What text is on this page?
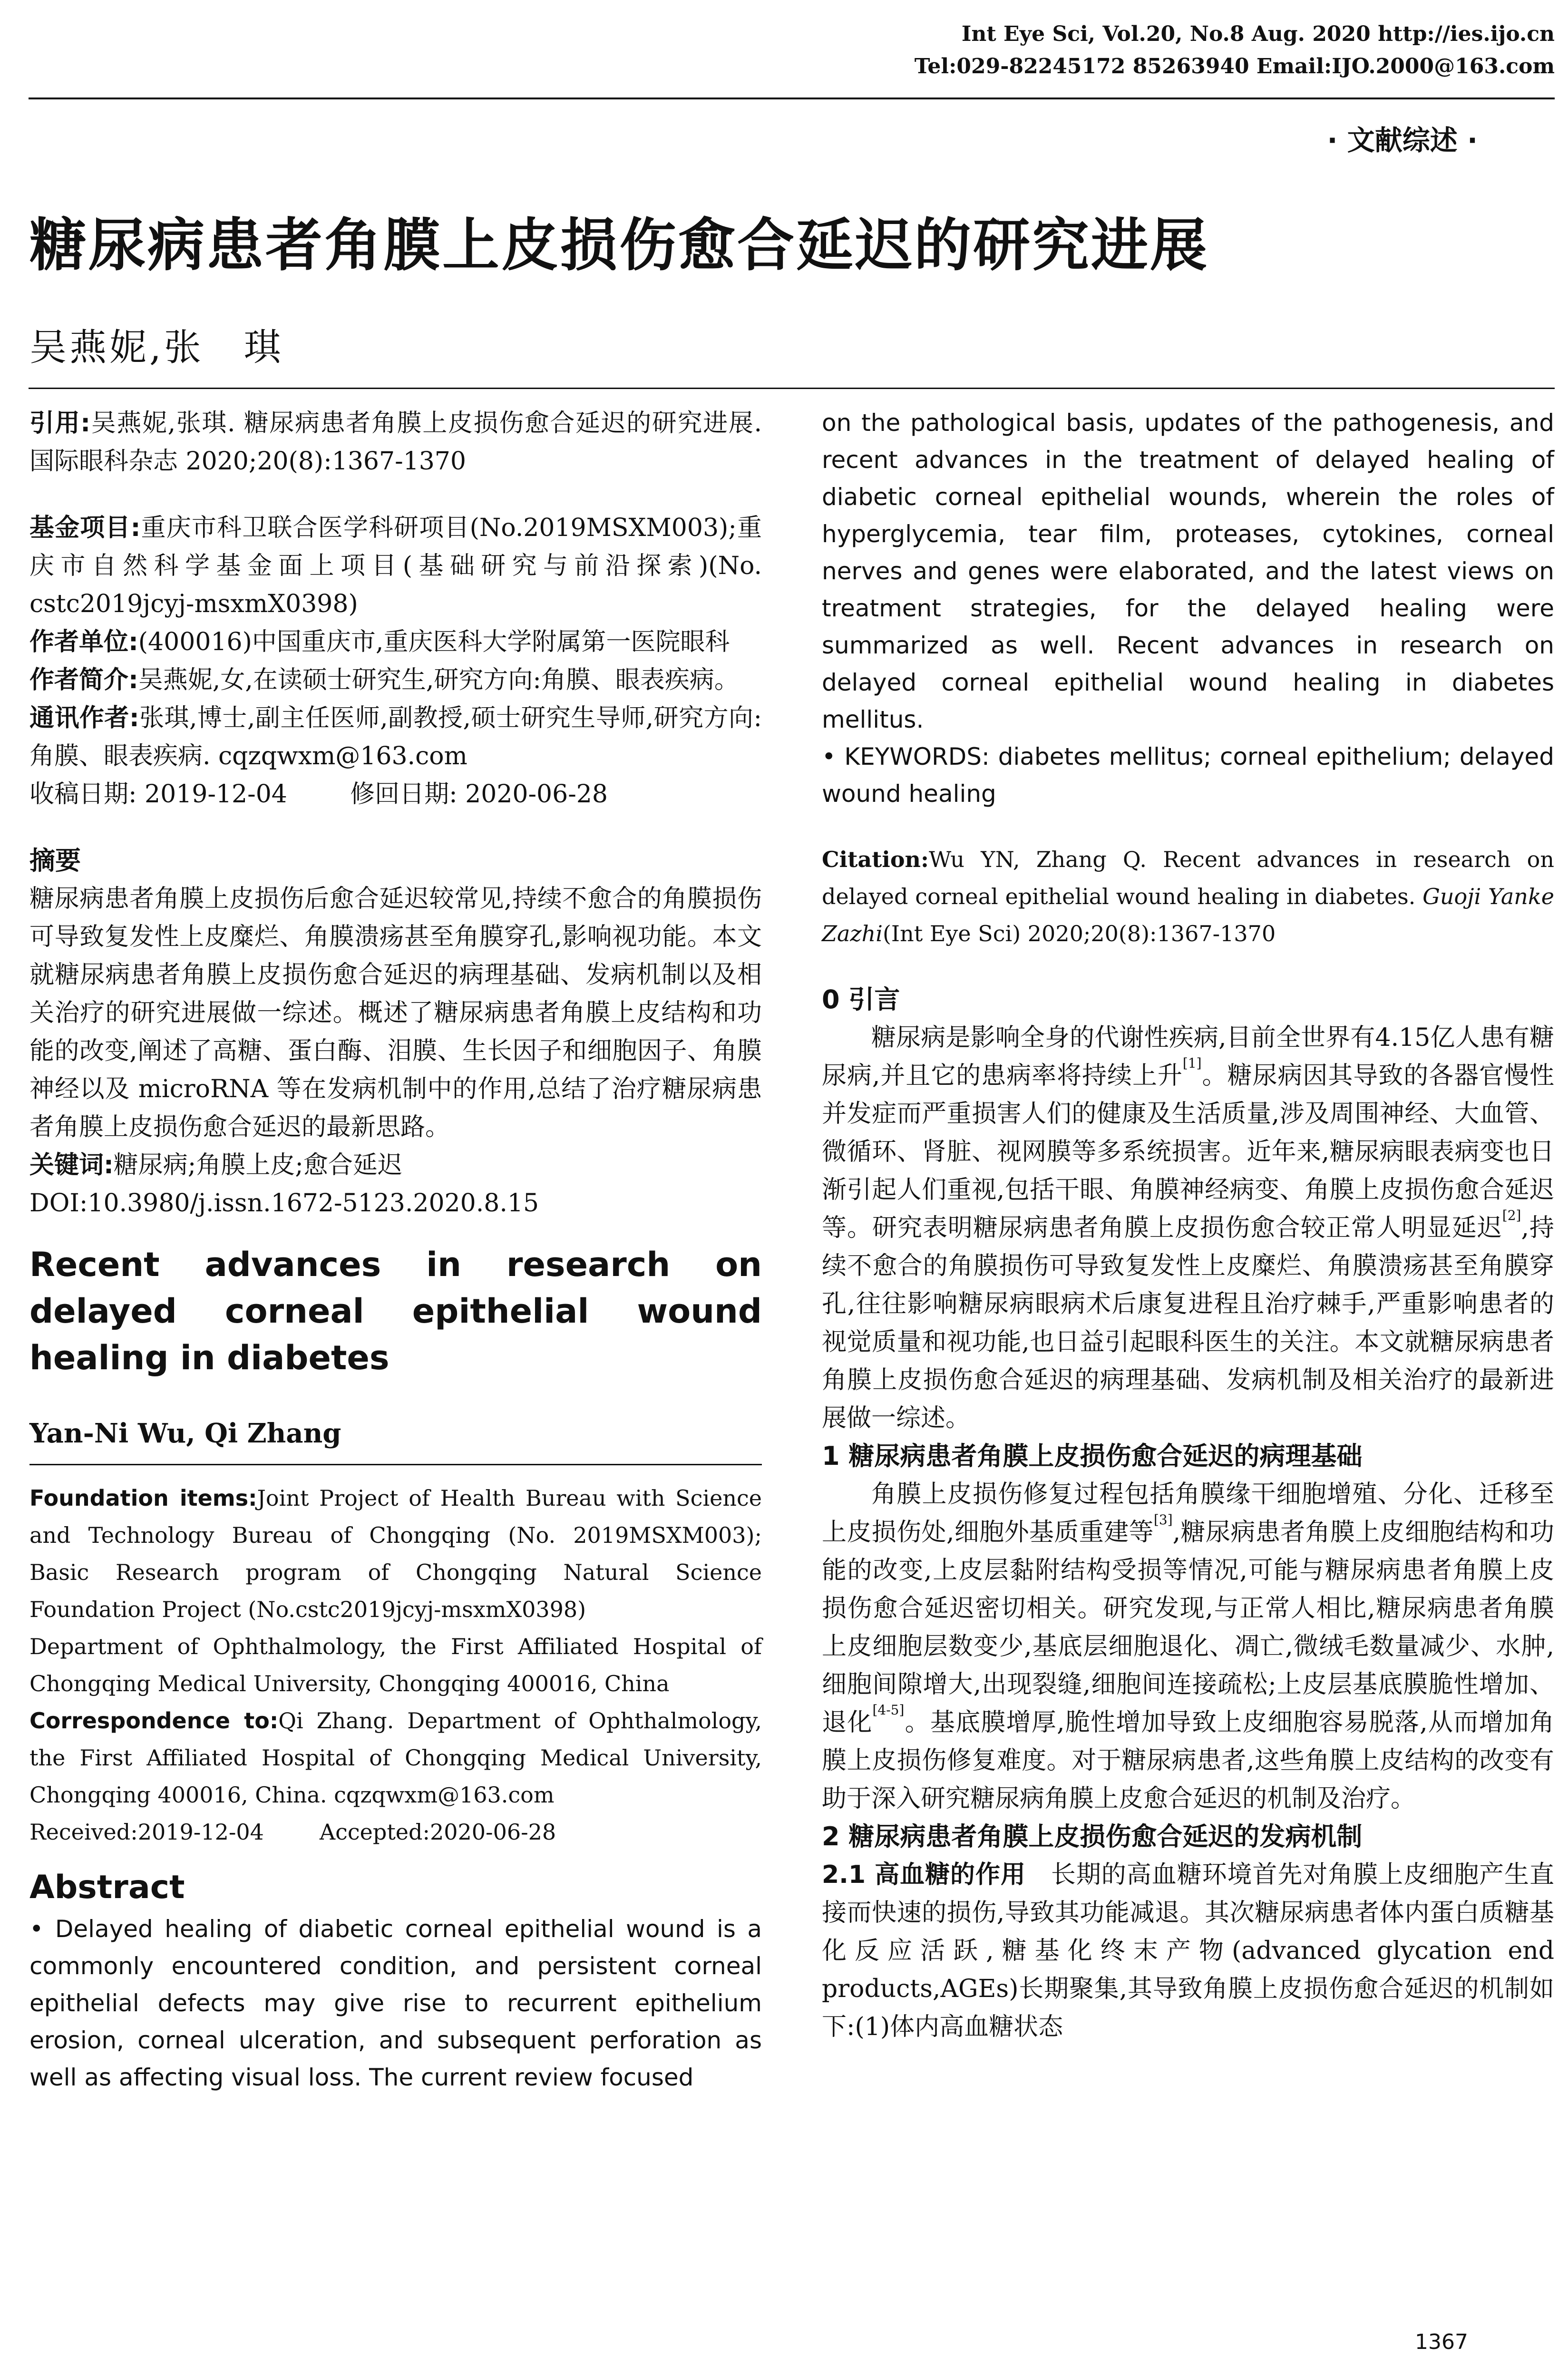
Int Eye Sci, Vol.20, No.8 Aug. 2020 http://ies.ijo.cn
Tel:029-82245172 85263940 Email:IJO.2000@163.com
· 文献综述 ·
糖尿病患者角膜上皮损伤愈合延迟的研究进展
吴燕妮,张　琪

引用:吴燕妮,张琪. 糖尿病患者角膜上皮损伤愈合延迟的研究进展. 国际眼科杂志 2020;20(8):1367-1370

基金项目:重庆市科卫联合医学科研项目(No.2019MSXM003);重庆市自然科学基金面上项目(基础研究与前沿探索)(No. cstc2019jcyj-msxmX0398)

作者单位:(400016)中国重庆市,重庆医科大学附属第一医院眼科

作者简介:吴燕妮,女,在读硕士研究生,研究方向:角膜、眼表疾病。

通讯作者:张琪,博士,副主任医师,副教授,硕士研究生导师,研究方向:角膜、眼表疾病. cqzqwxm@163.com

收稿日期: 2019-12-04        修回日期: 2020-06-28

摘要

糖尿病患者角膜上皮损伤后愈合延迟较常见,持续不愈合的角膜损伤可导致复发性上皮糜烂、角膜溃疡甚至角膜穿孔,影响视功能。本文就糖尿病患者角膜上皮损伤愈合延迟的病理基础、发病机制以及相关治疗的研究进展做一综述。概述了糖尿病患者角膜上皮结构和功能的改变,阐述了高糖、蛋白酶、泪膜、生长因子和细胞因子、角膜神经以及 microRNA 等在发病机制中的作用,总结了治疗糖尿病患者角膜上皮损伤愈合延迟的最新思路。

关键词:糖尿病;角膜上皮;愈合延迟

DOI:10.3980/j.issn.1672-5123.2020.8.15

Recent advances in research on delayed corneal epithelial wound healing in diabetes

Yan-Ni Wu, Qi Zhang

Foundation items:Joint Project of Health Bureau with Science and Technology Bureau of Chongqing (No. 2019MSXM003); Basic Research program of Chongqing Natural Science Foundation Project (No.cstc2019jcyj-msxmX0398)

Department of Ophthalmology, the First Affiliated Hospital of Chongqing Medical University, Chongqing 400016, China

Correspondence to:Qi Zhang. Department of Ophthalmology, the First Affiliated Hospital of Chongqing Medical University, Chongqing 400016, China. cqzqwxm@163.com

Received:2019-12-04        Accepted:2020-06-28

Abstract

• Delayed healing of diabetic corneal epithelial wound is a commonly encountered condition, and persistent corneal epithelial defects may give rise to recurrent epithelium erosion, corneal ulceration, and subsequent perforation as well as affecting visual loss. The current review focused

on the pathological basis, updates of the pathogenesis, and recent advances in the treatment of delayed healing of diabetic corneal epithelial wounds, wherein the roles of hyperglycemia, tear film, proteases, cytokines, corneal nerves and genes were elaborated, and the latest views on treatment strategies, for the delayed healing were summarized as well. Recent advances in research on delayed corneal epithelial wound healing in diabetes mellitus.

• KEYWORDS: diabetes mellitus; corneal epithelium; delayed wound healing

Citation:Wu YN, Zhang Q. Recent advances in research on delayed corneal epithelial wound healing in diabetes. Guoji Yanke Zazhi(Int Eye Sci) 2020;20(8):1367-1370

0 引言

糖尿病是影响全身的代谢性疾病,目前全世界有4.15亿人患有糖尿病,并且它的患病率将持续上升[1]。糖尿病因其导致的各器官慢性并发症而严重损害人们的健康及生活质量,涉及周围神经、大血管、微循环、肾脏、视网膜等多系统损害。近年来,糖尿病眼表病变也日渐引起人们重视,包括干眼、角膜神经病变、角膜上皮损伤愈合延迟等。研究表明糖尿病患者角膜上皮损伤愈合较正常人明显延迟[2],持续不愈合的角膜损伤可导致复发性上皮糜烂、角膜溃疡甚至角膜穿孔,往往影响糖尿病眼病术后康复进程且治疗棘手,严重影响患者的视觉质量和视功能,也日益引起眼科医生的关注。本文就糖尿病患者角膜上皮损伤愈合延迟的病理基础、发病机制及相关治疗的最新进展做一综述。

1 糖尿病患者角膜上皮损伤愈合延迟的病理基础

角膜上皮损伤修复过程包括角膜缘干细胞增殖、分化、迁移至上皮损伤处,细胞外基质重建等[3],糖尿病患者角膜上皮细胞结构和功能的改变,上皮层黏附结构受损等情况,可能与糖尿病患者角膜上皮损伤愈合延迟密切相关。研究发现,与正常人相比,糖尿病患者角膜上皮细胞层数变少,基底层细胞退化、凋亡,微绒毛数量减少、水肿,细胞间隙增大,出现裂缝,细胞间连接疏松;上皮层基底膜脆性增加、退化[4-5]。基底膜增厚,脆性增加导致上皮细胞容易脱落,从而增加角膜上皮损伤修复难度。对于糖尿病患者,这些角膜上皮结构的改变有助于深入研究糖尿病角膜上皮愈合延迟的机制及治疗。

2 糖尿病患者角膜上皮损伤愈合延迟的发病机制

2.1 高血糖的作用　长期的高血糖环境首先对角膜上皮细胞产生直接而快速的损伤,导致其功能减退。其次糖尿病患者体内蛋白质糖基化反应活跃,糖基化终末产物(advanced glycation end products,AGEs)长期聚集,其导致角膜上皮损伤愈合延迟的机制如下:(1)体内高血糖状态

1367
